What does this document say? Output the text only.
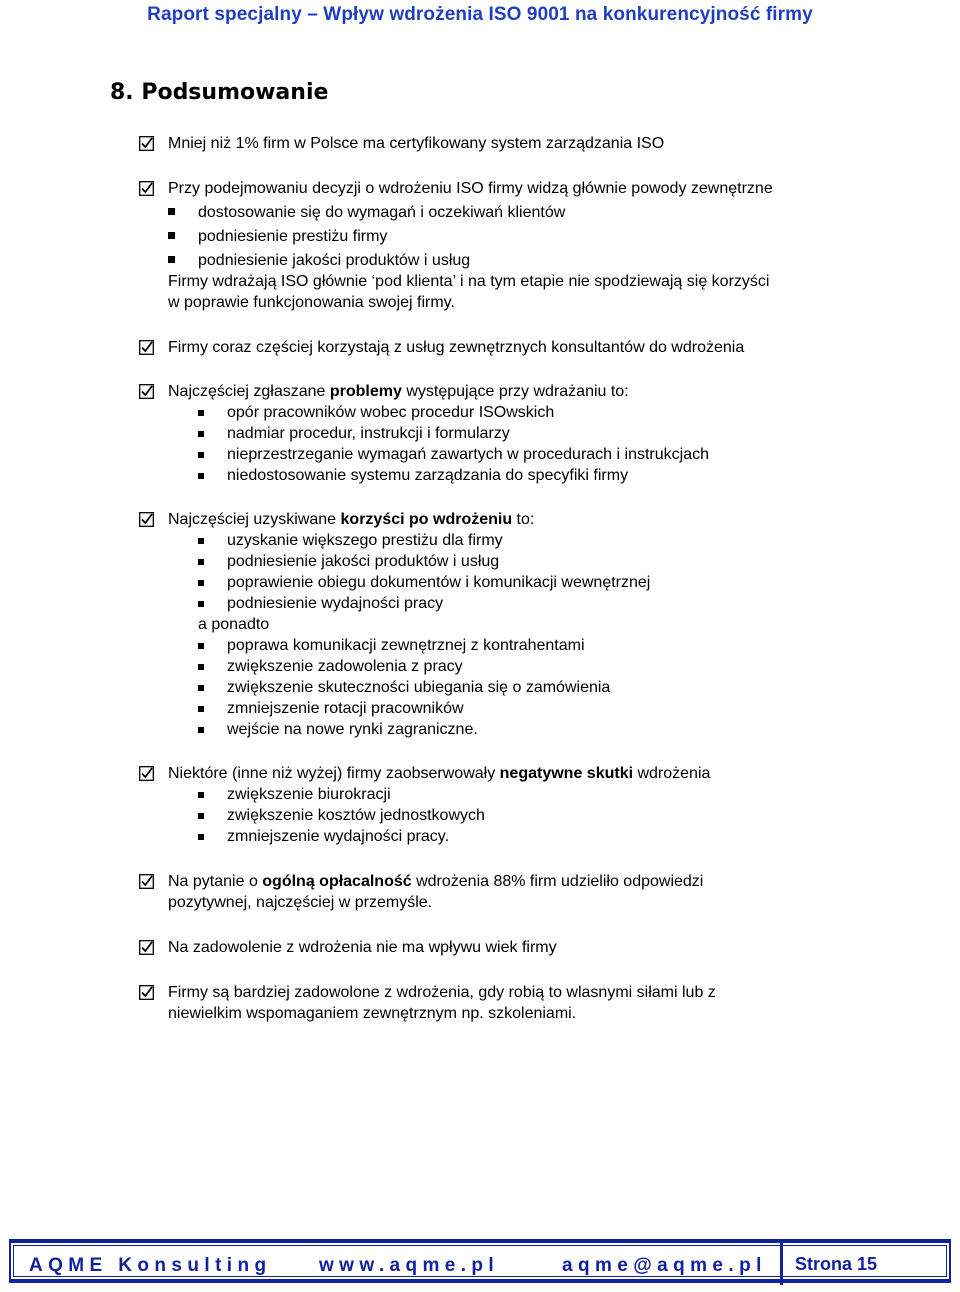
Raport specjalny – Wpływ wdrożenia ISO 9001 na konkurencyjność firmy
8. Podsumowanie
Mniej niż 1% firm w Polsce ma certyfikowany system zarządzania ISO
Przy podejmowaniu decyzji o wdrożeniu ISO firmy widzą głównie powody zewnętrzne
dostosowanie się do wymagań i oczekiwań klientów
podniesienie prestiżu firmy
podniesienie jakości produktów i usług
Firmy wdrażają ISO głównie ‘pod klienta’ i na tym etapie nie spodziewają się korzyści
w poprawie funkcjonowania swojej firmy.
Firmy coraz częściej korzystają z usług zewnętrznych konsultantów do wdrożenia
Najczęściej zgłaszane problemy występujące przy wdrażaniu to:
opór pracowników wobec procedur ISOwskich
nadmiar procedur, instrukcji i formularzy
nieprzestrzeganie wymagań zawartych w procedurach i instrukcjach
niedostosowanie systemu zarządzania do specyfiki firmy
Najczęściej uzyskiwane korzyści po wdrożeniu to:
uzyskanie większego prestiżu dla firmy
podniesienie jakości produktów i usług
poprawienie obiegu dokumentów i komunikacji wewnętrznej
podniesienie wydajności pracy
a ponadto
poprawa komunikacji zewnętrznej z kontrahentami
zwiększenie zadowolenia z pracy
zwiększenie skuteczności ubiegania się o zamówienia
zmniejszenie rotacji pracowników
wejście na nowe rynki zagraniczne.
Niektóre (inne niż wyżej) firmy zaobserwowały negatywne skutki wdrożenia
zwiększenie biurokracji
zwiększenie kosztów jednostkowych
zmniejszenie wydajności pracy.
Na pytanie o ogólną opłacalność wdrożenia 88% firm udzieliło odpowiedzi
pozytywnej, najczęściej w przemyśle.
Na zadowolenie z wdrożenia nie ma wpływu wiek firmy
Firmy są bardziej zadowolone z wdrożenia, gdy robią to wlasnymi siłami lub z
niewielkim wspomaganiem zewnętrznym np. szkoleniami.
AQME Konsulting	www.aqme.pl	aqme@aqme.pl Strona 15
